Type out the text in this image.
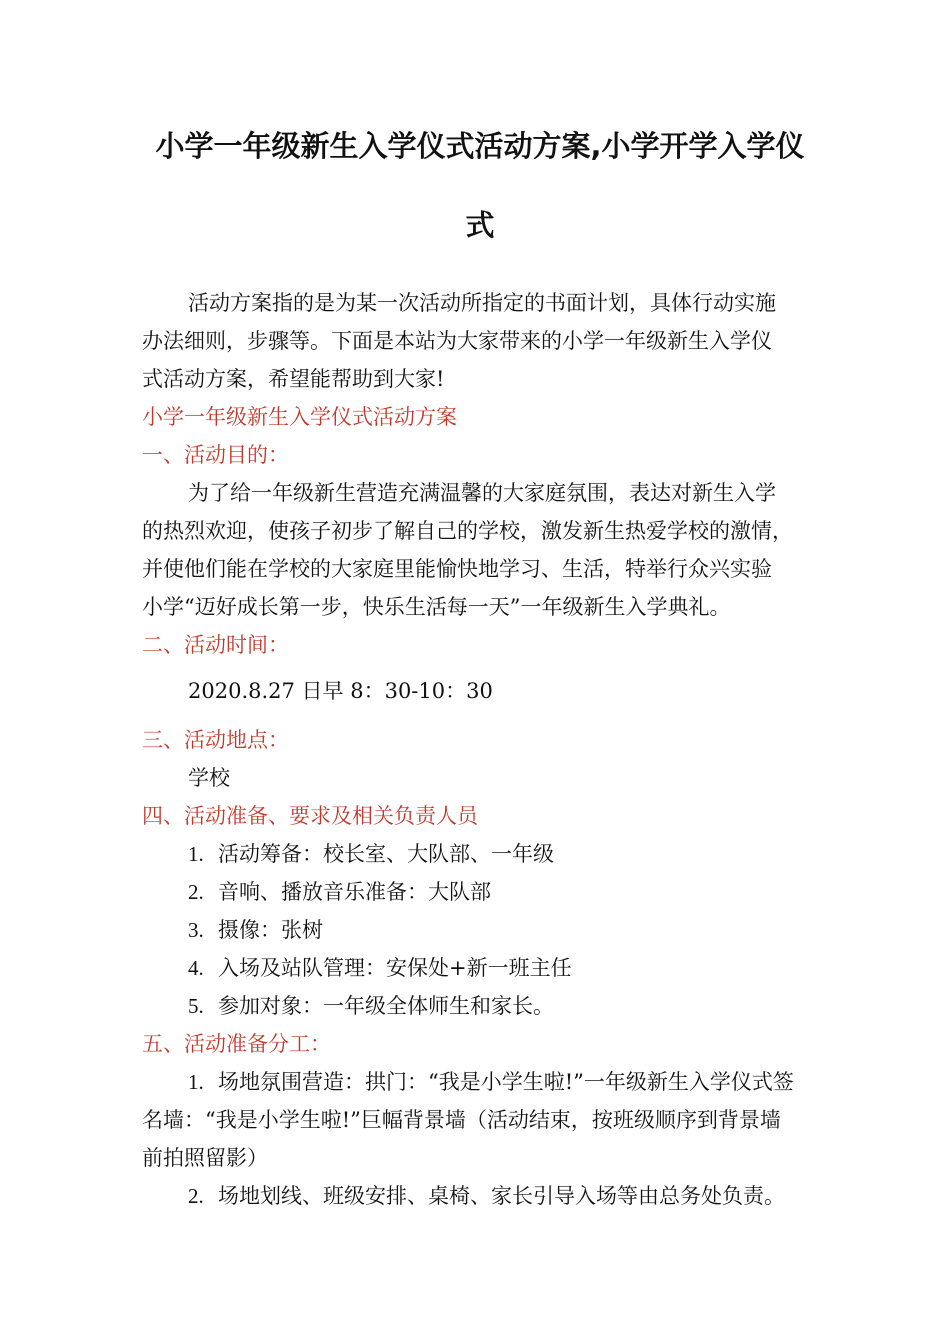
小学一年级新生入学仪式活动方案,小学开学入学仪
式

活动方案指的是为某一次活动所指定的书面计划，具体行动实施

办法细则，步骤等。下面是本站为大家带来的小学一年级新生入学仪

式活动方案，希望能帮助到大家!

小学一年级新生入学仪式活动方案

一、活动目的：

为了给一年级新生营造充满温馨的大家庭氛围，表达对新生入学

的热烈欢迎，使孩子初步了解自己的学校，激发新生热爱学校的激情，

并使他们能在学校的大家庭里能愉快地学习、生活，特举行众兴实验

小学“迈好成长第一步，快乐生活每一天”一年级新生入学典礼。

二、活动时间：

2020.8.27 日早 8：30-10：30

三、活动地点：

学校

四、活动准备、要求及相关负责人员

1. 活动筹备：校长室、大队部、一年级

2. 音响、播放音乐准备：大队部

3. 摄像：张树

4. 入场及站队管理：安保处+新一班主任

5. 参加对象：一年级全体师生和家长。

五、活动准备分工：

1. 场地氛围营造：拱门：“我是小学生啦!”一年级新生入学仪式签

名墙：“我是小学生啦!”巨幅背景墙（活动结束，按班级顺序到背景墙

前拍照留影）

2. 场地划线、班级安排、桌椅、家长引导入场等由总务处负责。
